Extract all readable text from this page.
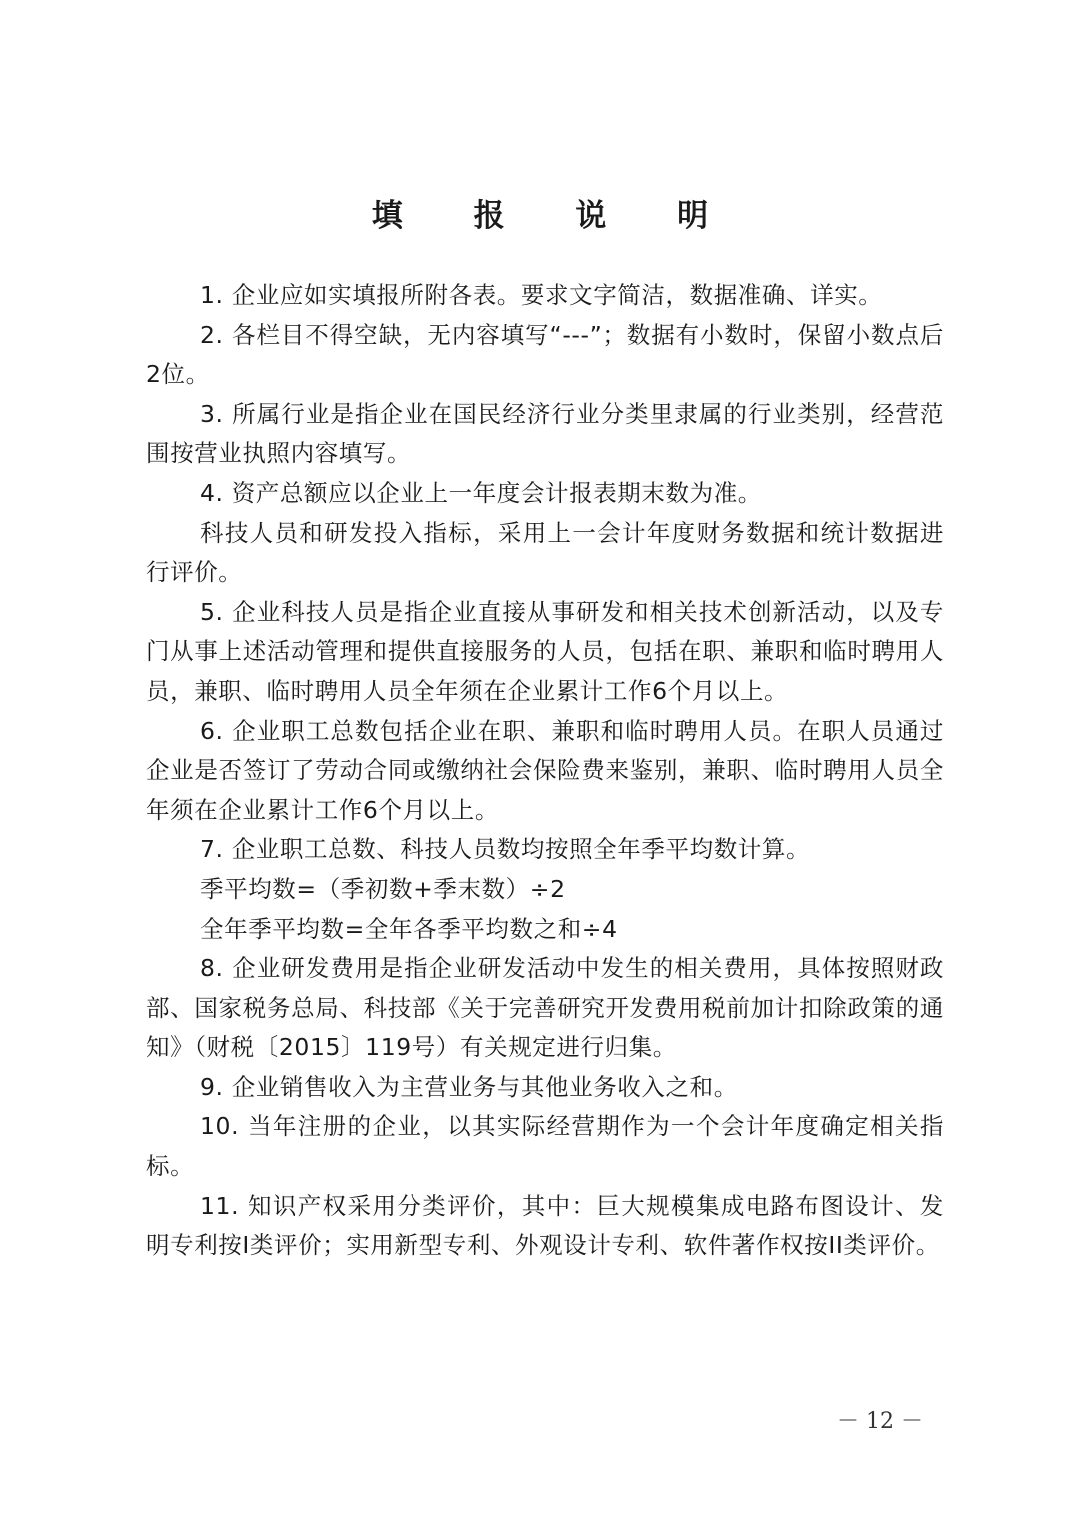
填 报 说 明

1. 企业应如实填报所附各表。要求文字简洁，数据准确、详实。

2. 各栏目不得空缺，无内容填写“---”；数据有小数时，保留小数点后2位。

3. 所属行业是指企业在国民经济行业分类里隶属的行业类别，经营范围按营业执照内容填写。

4. 资产总额应以企业上一年度会计报表期末数为准。

科技人员和研发投入指标，采用上一会计年度财务数据和统计数据进行评价。

5. 企业科技人员是指企业直接从事研发和相关技术创新活动，以及专门从事上述活动管理和提供直接服务的人员，包括在职、兼职和临时聘用人员，兼职、临时聘用人员全年须在企业累计工作6个月以上。

6. 企业职工总数包括企业在职、兼职和临时聘用人员。在职人员通过企业是否签订了劳动合同或缴纳社会保险费来鉴别，兼职、临时聘用人员全年须在企业累计工作6个月以上。

7. 企业职工总数、科技人员数均按照全年季平均数计算。

季平均数=（季初数+季末数）÷2

全年季平均数=全年各季平均数之和÷4

8. 企业研发费用是指企业研发活动中发生的相关费用，具体按照财政部、国家税务总局、科技部《关于完善研究开发费用税前加计扣除政策的通知》（财税〔2015〕119号）有关规定进行归集。

9. 企业销售收入为主营业务与其他业务收入之和。

10. 当年注册的企业，以其实际经营期作为一个会计年度确定相关指标。

11. 知识产权采用分类评价，其中：巨大规模集成电路布图设计、发明专利按I类评价；实用新型专利、外观设计专利、软件著作权按II类评价。

－ 12 －
